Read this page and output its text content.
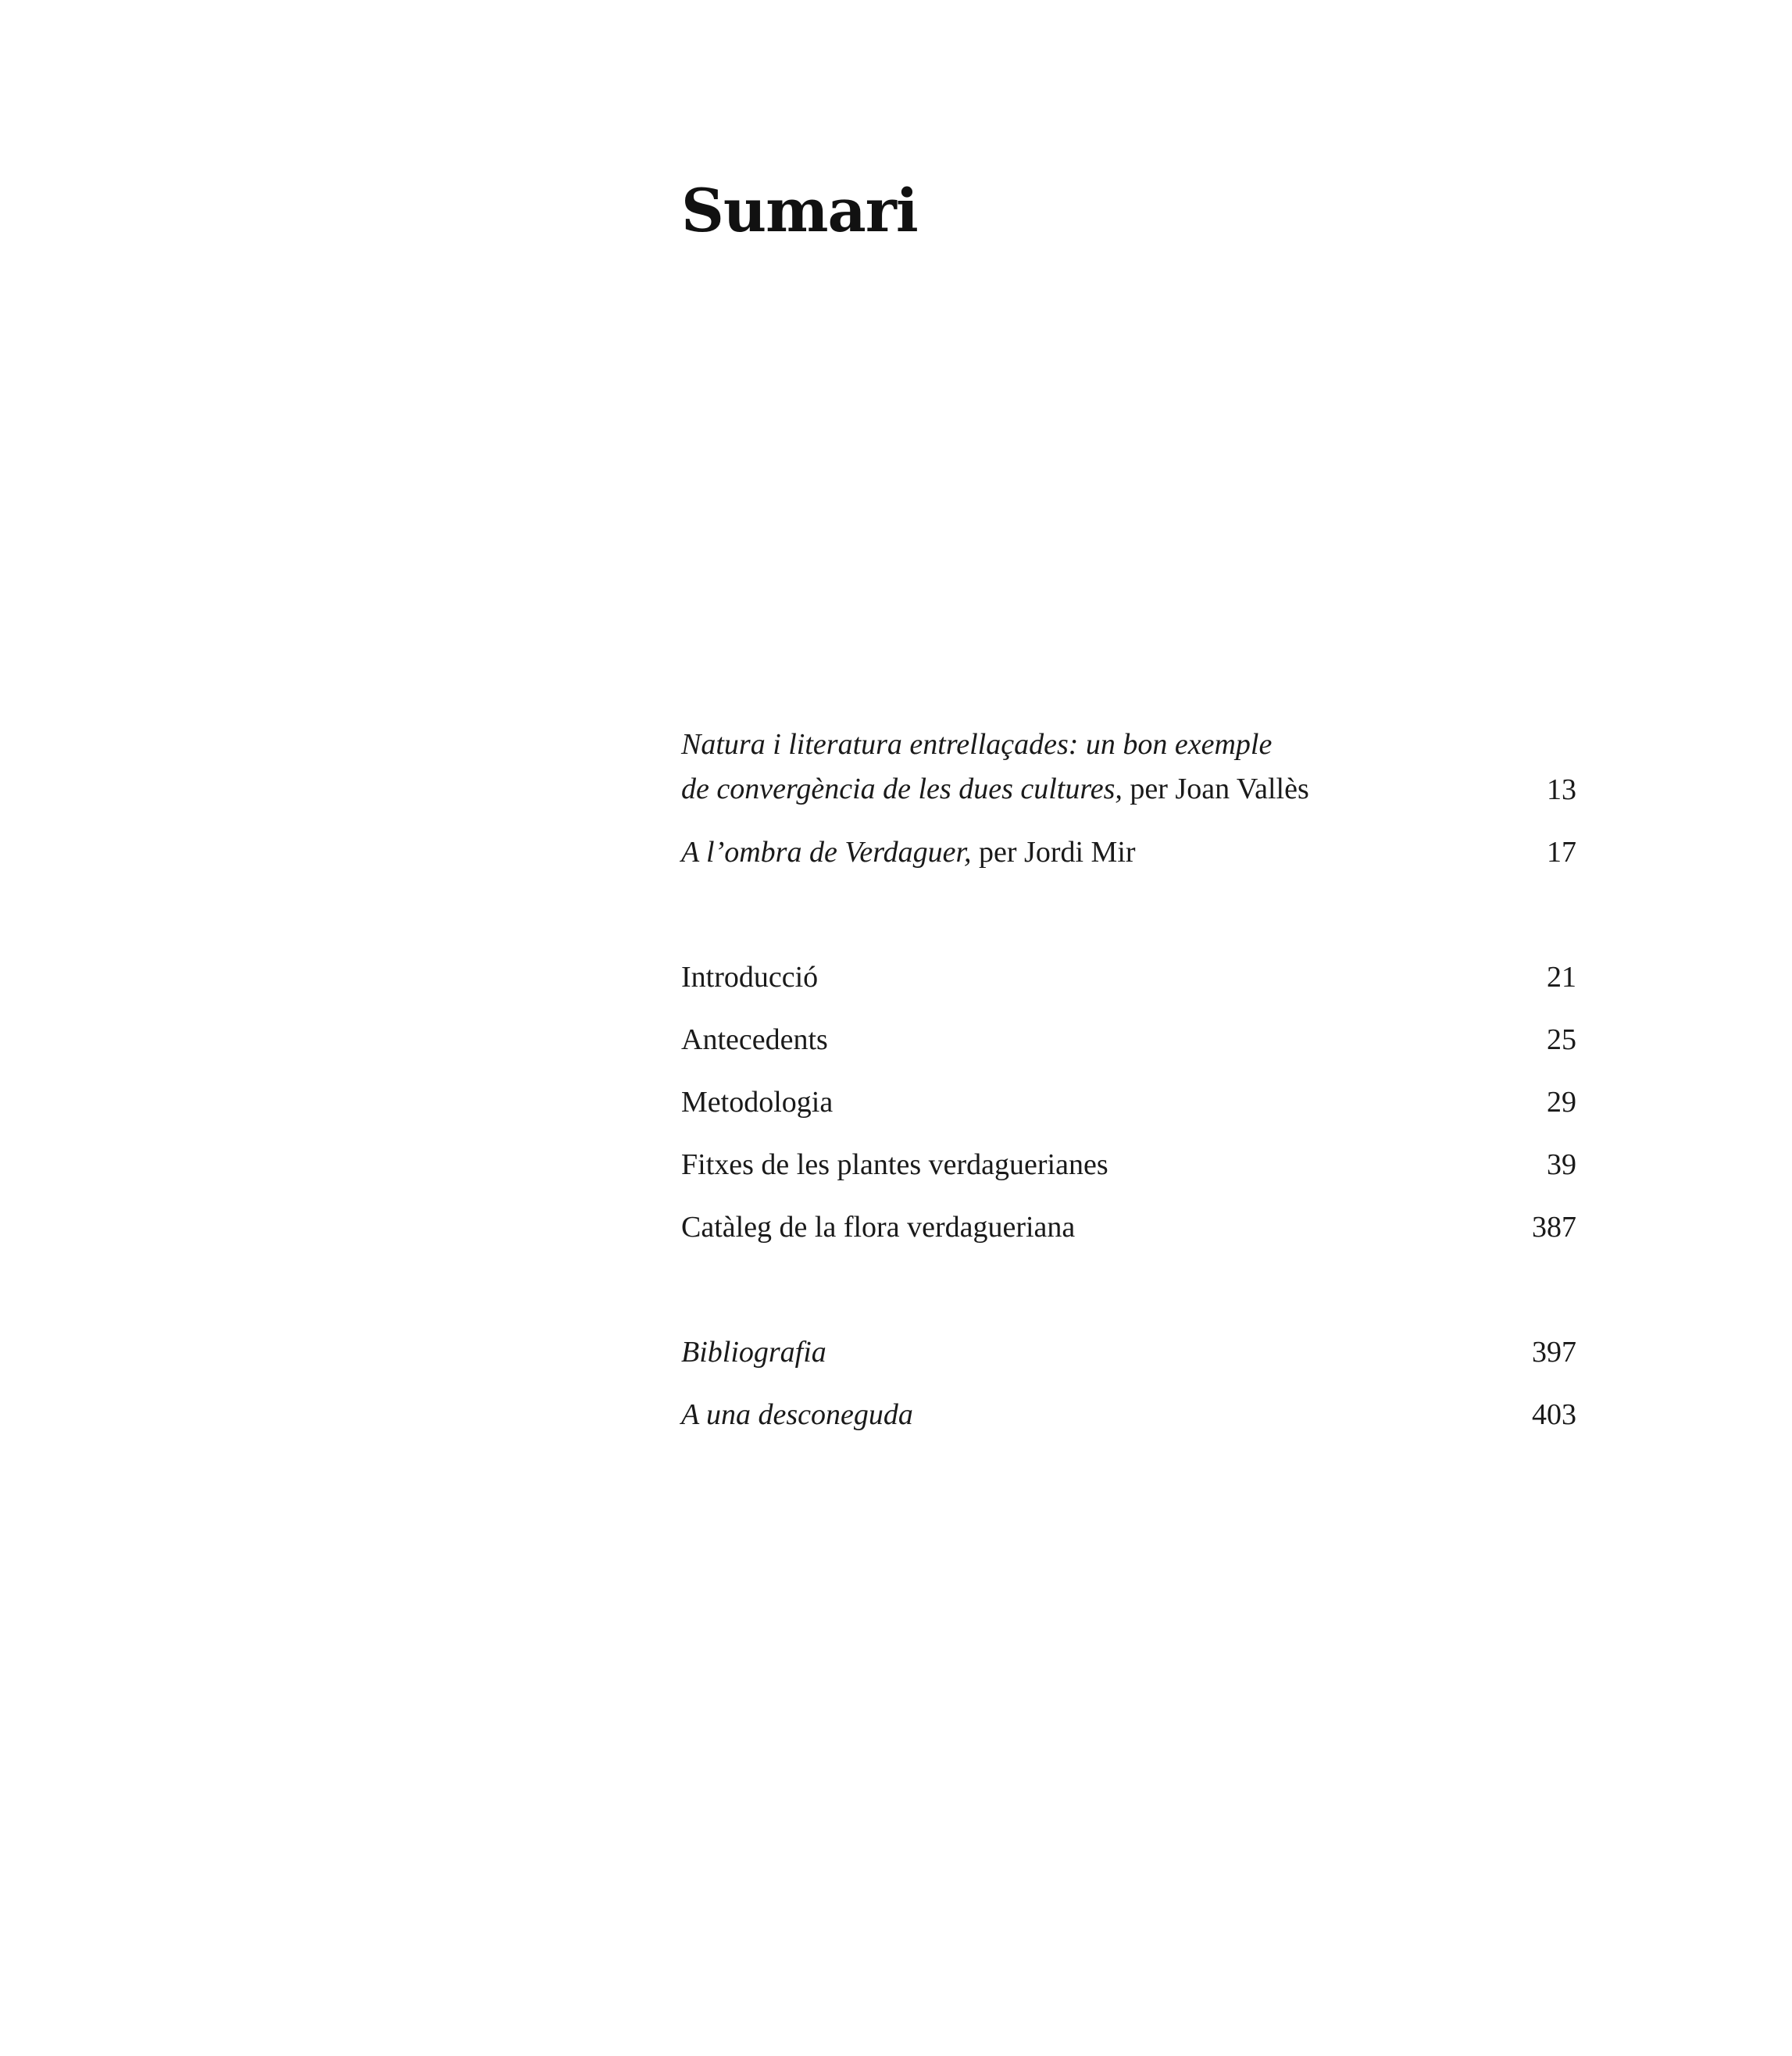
Sumari
Natura i literatura entrellaçades: un bon exemple
de convergència de les dues cultures, per Joan Vallès	13
A l’ombra de Verdaguer, per Jordi Mir	17
Introducció	21
Antecedents	25
Metodologia	29
Fitxes de les plantes verdaguerianes	39
Catàleg de la flora verdagueriana	387
Bibliografia	397
A una desconeguda	403
